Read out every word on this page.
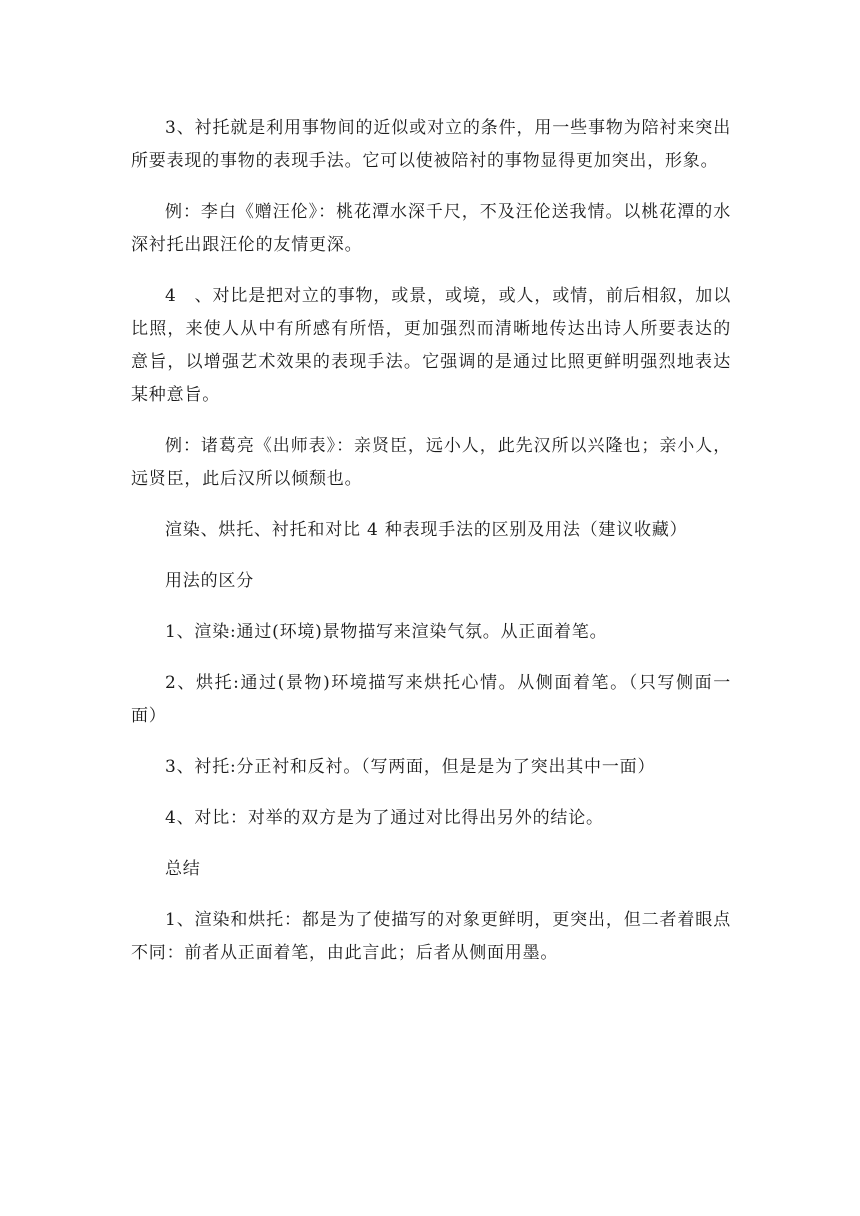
3、衬托就是利用事物间的近似或对立的条件，用一些事物为陪衬来突出所要表现的事物的表现手法。它可以使被陪衬的事物显得更加突出，形象。

例：李白《赠汪伦》：桃花潭水深千尺，不及汪伦送我情。以桃花潭的水深衬托出跟汪伦的友情更深。

4　、对比是把对立的事物，或景，或境，或人，或情，前后相叙，加以比照，来使人从中有所感有所悟，更加强烈而清晰地传达出诗人所要表达的意旨，以增强艺术效果的表现手法。它强调的是通过比照更鲜明强烈地表达某种意旨。

例：诸葛亮《出师表》：亲贤臣，远小人，此先汉所以兴隆也；亲小人，远贤臣，此后汉所以倾颓也。

渲染、烘托、衬托和对比 4 种表现手法的区别及用法（建议收藏）

用法的区分

1、渲染:通过(环境)景物描写来渲染气氛。从正面着笔。

2、烘托:通过(景物)环境描写来烘托心情。从侧面着笔。（只写侧面一面）

3、衬托:分正衬和反衬。（写两面，但是是为了突出其中一面）

4、对比：对举的双方是为了通过对比得出另外的结论。

总结

1、渲染和烘托：都是为了使描写的对象更鲜明，更突出，但二者着眼点不同：前者从正面着笔，由此言此；后者从侧面用墨。
